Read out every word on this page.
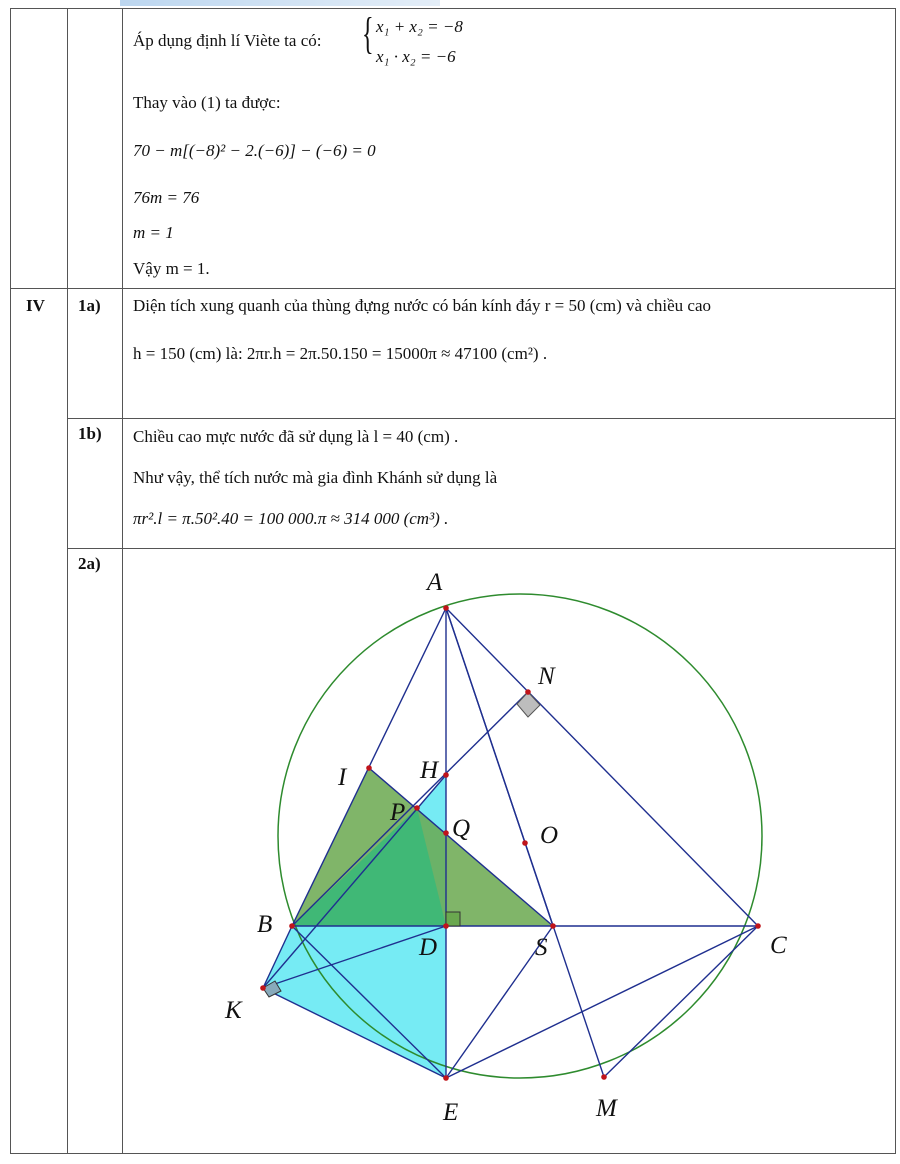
Áp dụng định lí Viète ta có: { x₁ + x₂ = −8
x₁ · x₂ = −6
Thay vào (1) ta được:
70 − m[(−8)² − 2.(−6)] − (−6) = 0
76m = 76
m = 1
Vậy m = 1.
IV 1a) Diện tích xung quanh của thùng đựng nước có bán kính đáy r = 50 (cm) và chiều cao
h = 150 (cm) là: 2πr.h = 2π.50.150 = 15000π ≈ 47100 (cm²) .
1b) Chiều cao mực nước đã sử dụng là l = 40 (cm) .
Như vậy, thể tích nước mà gia đình Khánh sử dụng là
πr².l = π.50².40 = 100 000.π ≈ 314 000 (cm³) .
2a)
A
N
I	H
P
Q	O
B
D	S	C
K
E	M
